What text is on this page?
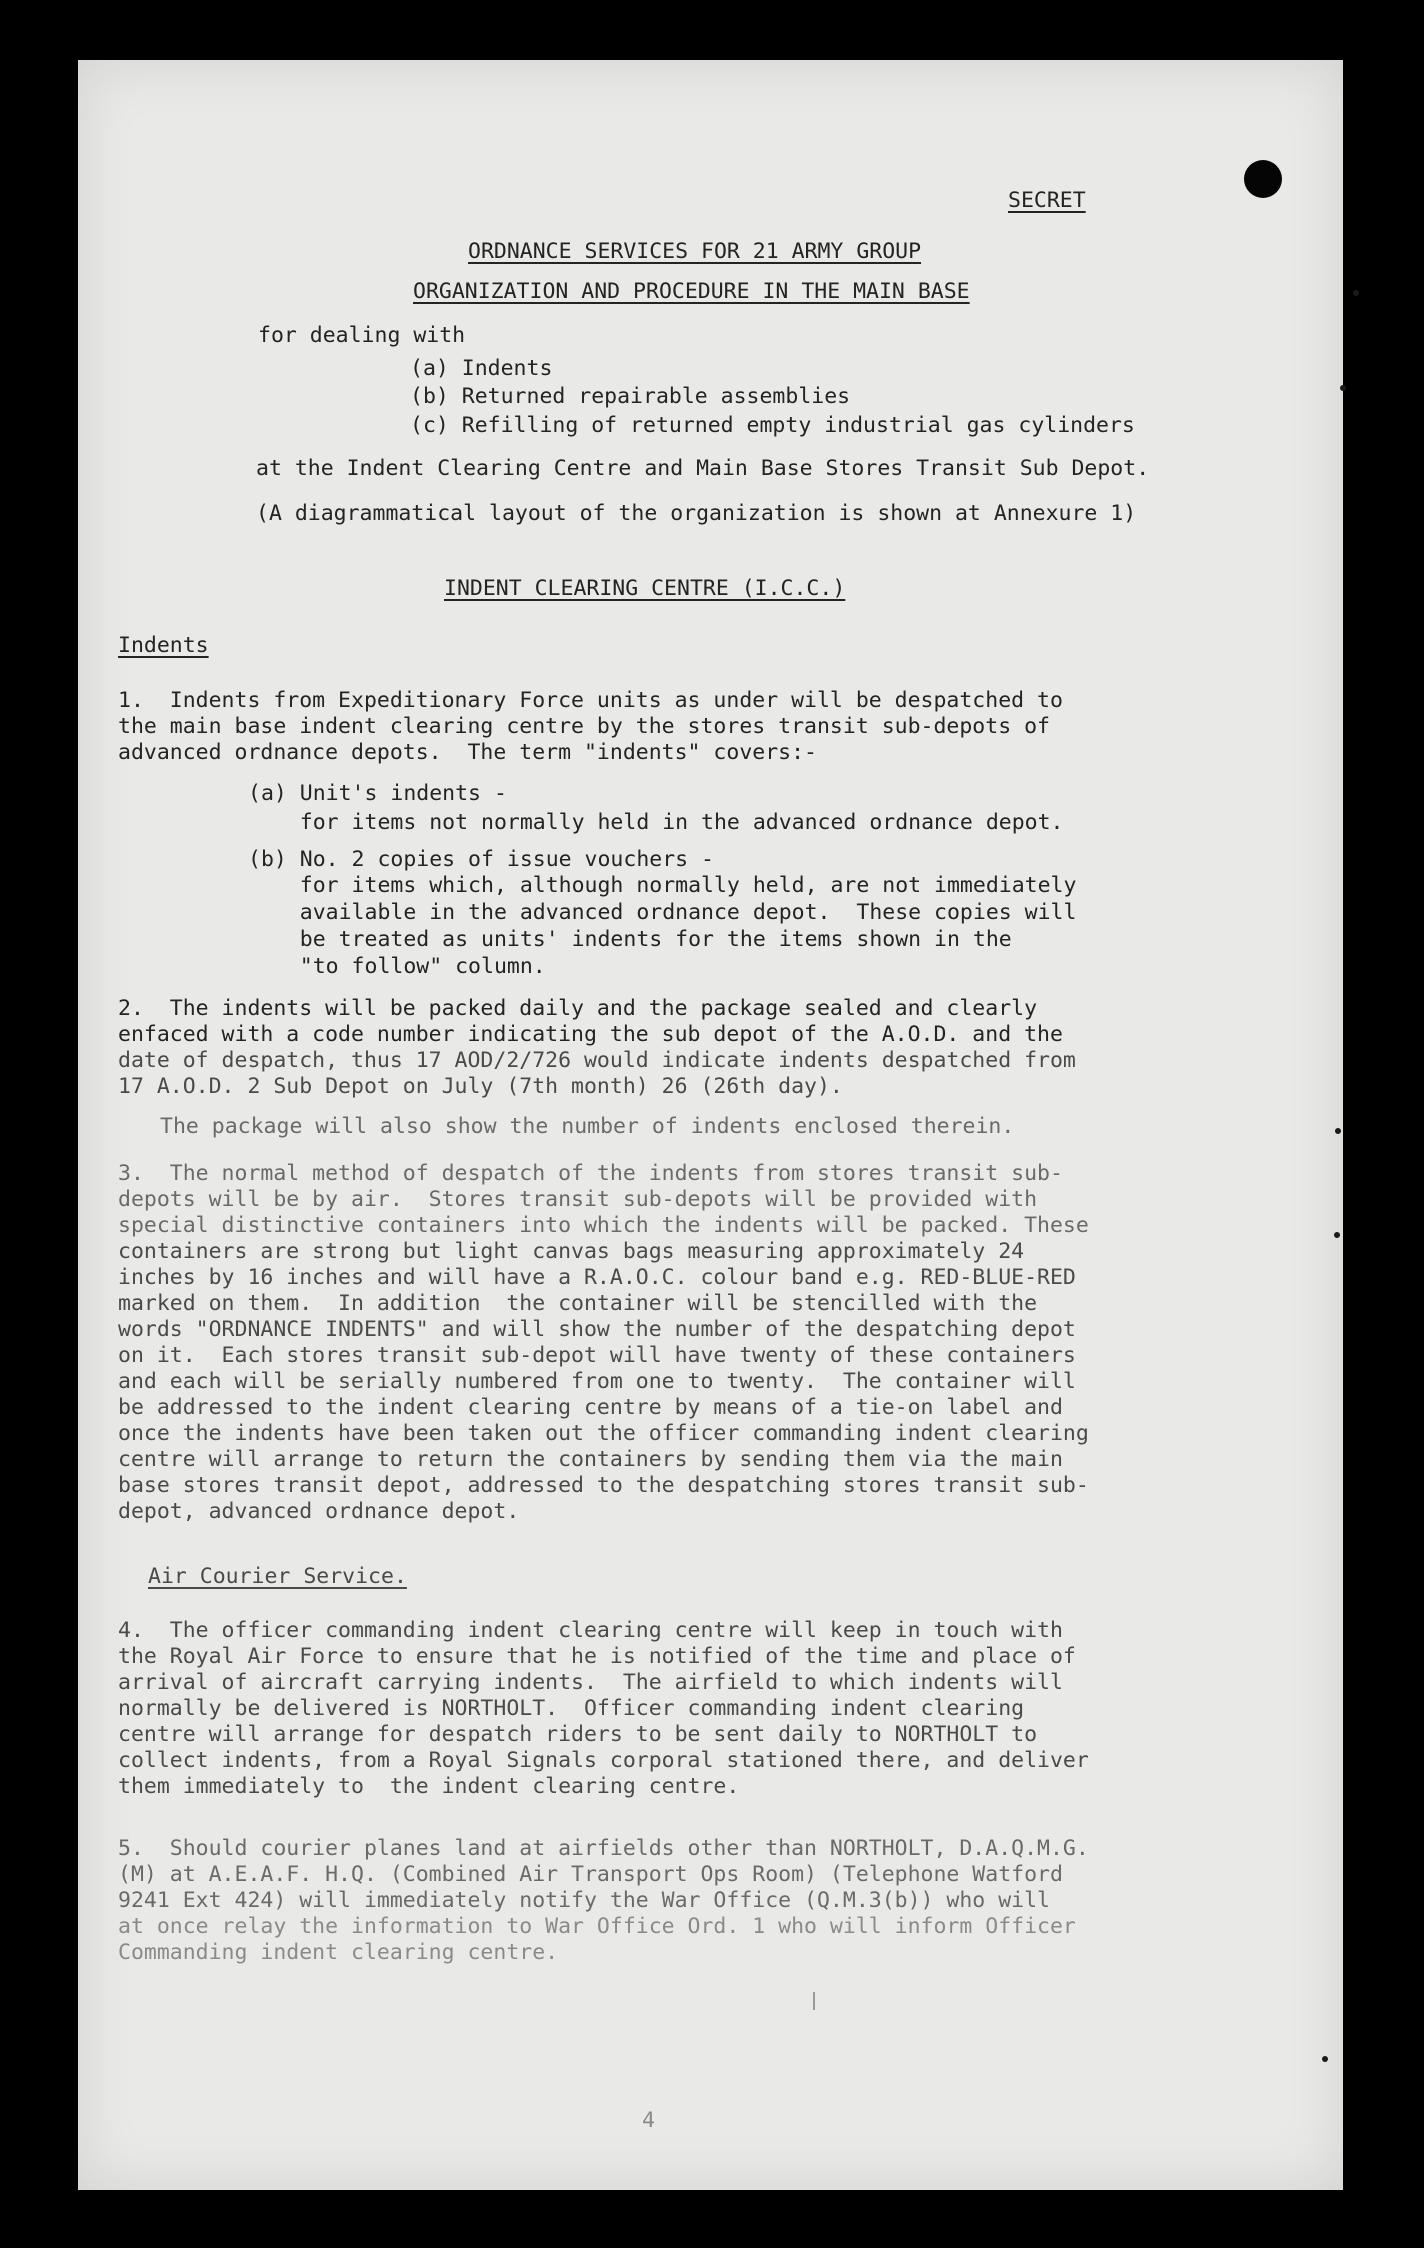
SECRET
ORDNANCE SERVICES FOR 21 ARMY GROUP
ORGANIZATION AND PROCEDURE IN THE MAIN BASE
for dealing with
(a) Indents
(b) Returned repairable assemblies
(c) Refilling of returned empty industrial gas cylinders
at the Indent Clearing Centre and Main Base Stores Transit Sub Depot.
(A diagrammatical layout of the organization is shown at Annexure 1)
INDENT CLEARING CENTRE (I.C.C.)
Indents
1.  Indents from Expeditionary Force units as under will be despatched to
the main base indent clearing centre by the stores transit sub-depots of
advanced ordnance depots.  The term "indents" covers:-
(a) Unit's indents -
for items not normally held in the advanced ordnance depot.
(b) No. 2 copies of issue vouchers -
for items which, although normally held, are not immediately
available in the advanced ordnance depot.  These copies will
be treated as units' indents for the items shown in the
"to follow" column.
2.  The indents will be packed daily and the package sealed and clearly
enfaced with a code number indicating the sub depot of the A.O.D. and the
date of despatch, thus 17 AOD/2/726 would indicate indents despatched from
17 A.O.D. 2 Sub Depot on July (7th month) 26 (26th day).
The package will also show the number of indents enclosed therein.
3.  The normal method of despatch of the indents from stores transit sub-
depots will be by air.  Stores transit sub-depots will be provided with
special distinctive containers into which the indents will be packed. These
containers are strong but light canvas bags measuring approximately 24
inches by 16 inches and will have a R.A.O.C. colour band e.g. RED-BLUE-RED
marked on them.  In addition  the container will be stencilled with the
words "ORDNANCE INDENTS" and will show the number of the despatching depot
on it.  Each stores transit sub-depot will have twenty of these containers
and each will be serially numbered from one to twenty.  The container will
be addressed to the indent clearing centre by means of a tie-on label and
once the indents have been taken out the officer commanding indent clearing
centre will arrange to return the containers by sending them via the main
base stores transit depot, addressed to the despatching stores transit sub-
depot, advanced ordnance depot.
Air Courier Service.
4.  The officer commanding indent clearing centre will keep in touch with
the Royal Air Force to ensure that he is notified of the time and place of
arrival of aircraft carrying indents.  The airfield to which indents will
normally be delivered is NORTHOLT.  Officer commanding indent clearing
centre will arrange for despatch riders to be sent daily to NORTHOLT to
collect indents, from a Royal Signals corporal stationed there, and deliver
them immediately to  the indent clearing centre.
5.  Should courier planes land at airfields other than NORTHOLT, D.A.Q.M.G.
(M) at A.E.A.F. H.Q. (Combined Air Transport Ops Room) (Telephone Watford
9241 Ext 424) will immediately notify the War Office (Q.M.3(b)) who will
at once relay the information to War Office Ord. 1 who will inform Officer
Commanding indent clearing centre.
4
